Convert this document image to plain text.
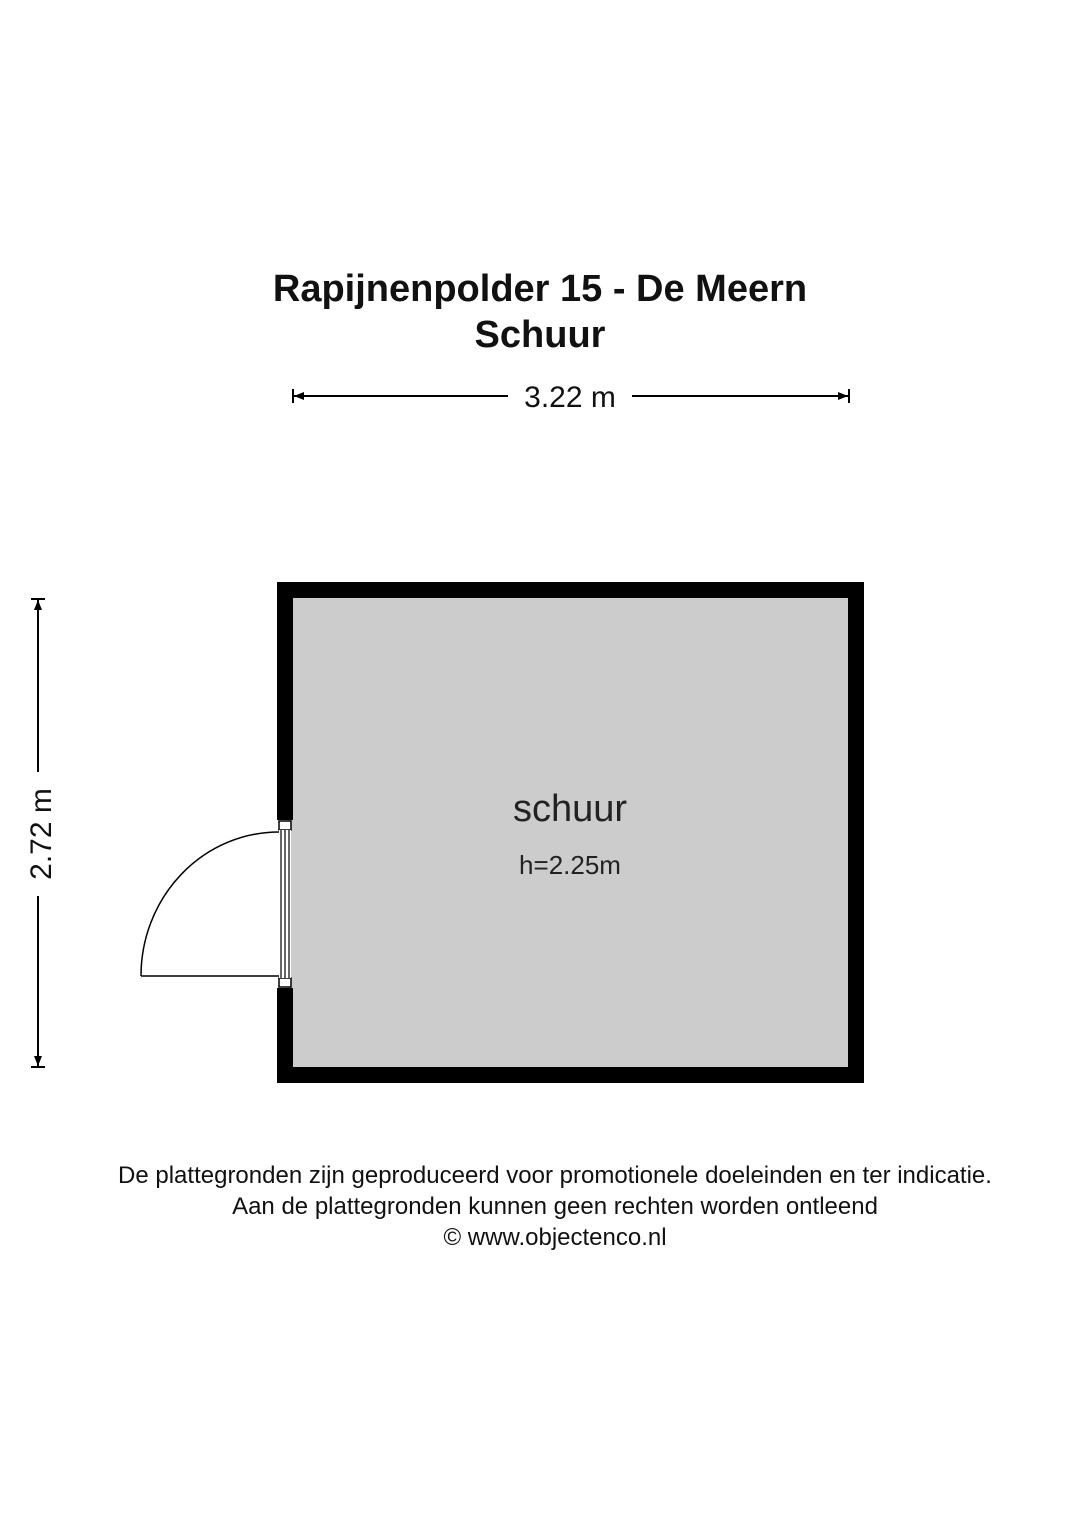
Rapijnenpolder 15 - De Meern
Schuur
3.22 m
2.72 m	schuur
h=2.25m
De plattegronden zijn geproduceerd voor promotionele doeleinden en ter indicatie.
Aan de plattegronden kunnen geen rechten worden ontleend
© www.objectenco.nl
